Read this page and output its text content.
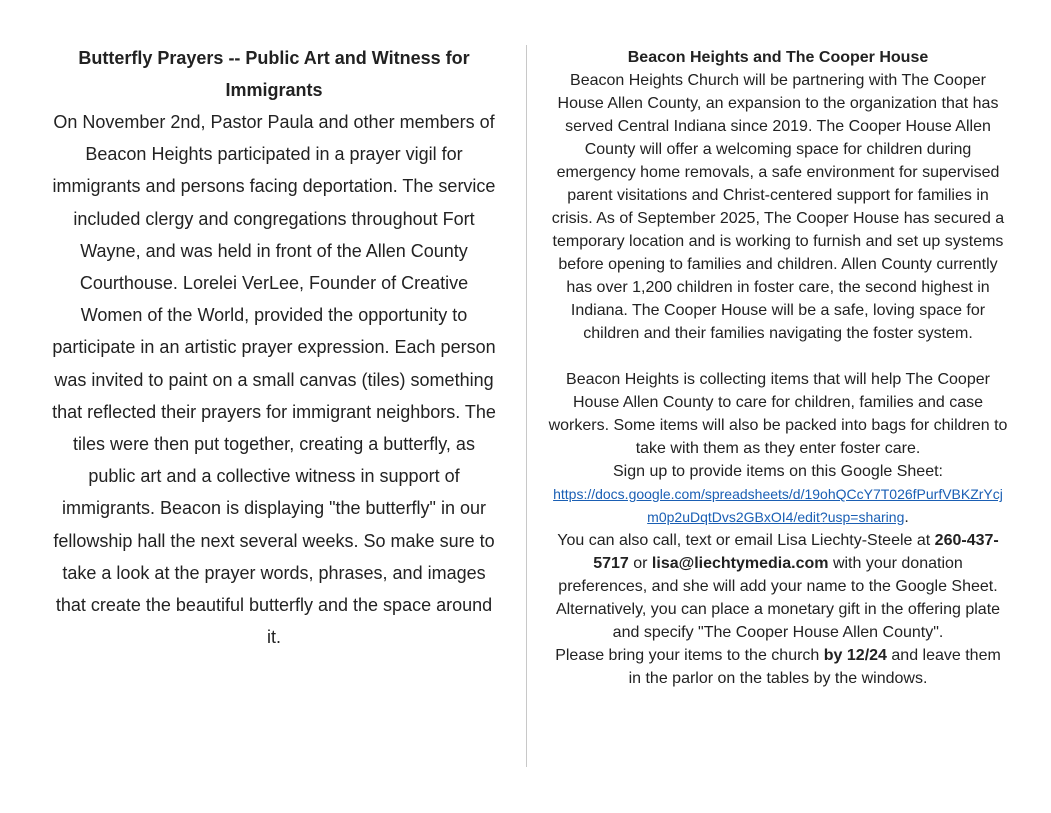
Butterfly Prayers -- Public Art and Witness for Immigrants

On November 2nd, Pastor Paula and other members of Beacon Heights participated in a prayer vigil for immigrants and persons facing deportation. The service included clergy and congregations throughout Fort Wayne, and was held in front of the Allen County Courthouse. Lorelei VerLee, Founder of Creative Women of the World, provided the opportunity to participate in an artistic prayer expression. Each person was invited to paint on a small canvas (tiles) something that reflected their prayers for immigrant neighbors. The tiles were then put together, creating a butterfly, as public art and a collective witness in support of immigrants. Beacon is displaying "the butterfly" in our fellowship hall the next several weeks. So make sure to take a look at the prayer words, phrases, and images that create the beautiful butterfly and the space around it.

Beacon Heights and The Cooper House

Beacon Heights Church will be partnering with The Cooper House Allen County, an expansion to the organization that has served Central Indiana since 2019. The Cooper House Allen County will offer a welcoming space for children during emergency home removals, a safe environment for supervised parent visitations and Christ-centered support for families in crisis. As of September 2025, The Cooper House has secured a temporary location and is working to furnish and set up systems before opening to families and children. Allen County currently has over 1,200 children in foster care, the second highest in Indiana. The Cooper House will be a safe, loving space for children and their families navigating the foster system.

Beacon Heights is collecting items that will help The Cooper House Allen County to care for children, families and case workers. Some items will also be packed into bags for children to take with them as they enter foster care.

Sign up to provide items on this Google Sheet:
https://docs.google.com/spreadsheets/d/19ohQCcY7T026fPurfVBKZrYcjm0p2uDqtDvs2GBxOI4/edit?usp=sharing.

You can also call, text or email Lisa Liechty-Steele at 260-437-5717 or lisa@liechtymedia.com with your donation preferences, and she will add your name to the Google Sheet. Alternatively, you can place a monetary gift in the offering plate and specify "The Cooper House Allen County".

Please bring your items to the church by 12/24 and leave them in the parlor on the tables by the windows.
